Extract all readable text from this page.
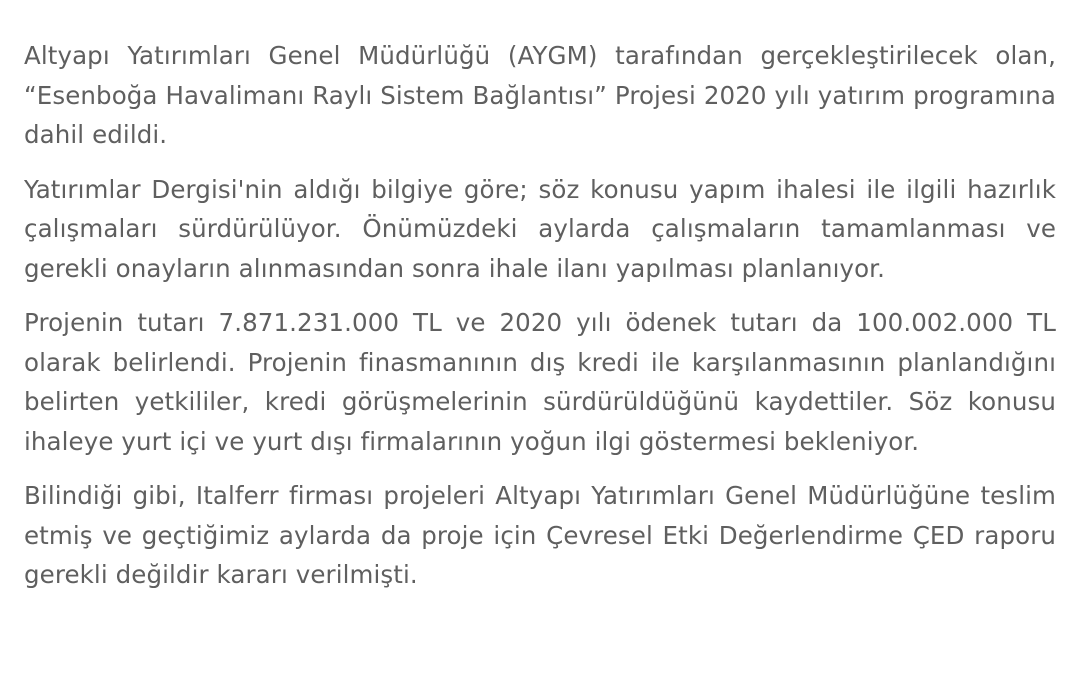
Altyapı Yatırımları Genel Müdürlüğü (AYGM) tarafından gerçekleştirilecek olan, “Esenboğa Havalimanı Raylı Sistem Bağlantısı” Projesi 2020 yılı yatırım programına dahil edildi.

Yatırımlar Dergisi'nin aldığı bilgiye göre; söz konusu yapım ihalesi ile ilgili hazırlık çalışmaları sürdürülüyor. Önümüzdeki aylarda çalışmaların tamamlanması ve gerekli onayların alınmasından sonra ihale ilanı yapılması planlanıyor.

Projenin tutarı 7.871.231.000 TL ve 2020 yılı ödenek tutarı da 100.002.000 TL olarak belirlendi. Projenin finasmanının dış kredi ile karşılanmasının planlandığını belirten yetkililer, kredi görüşmelerinin sürdürüldüğünü kaydettiler. Söz konusu ihaleye yurt içi ve yurt dışı firmalarının yoğun ilgi göstermesi bekleniyor.

Bilindiği gibi, Italferr firması projeleri Altyapı Yatırımları Genel Müdürlüğüne teslim etmiş ve geçtiğimiz aylarda da proje için Çevresel Etki Değerlendirme ÇED raporu gerekli değildir kararı verilmişti.
